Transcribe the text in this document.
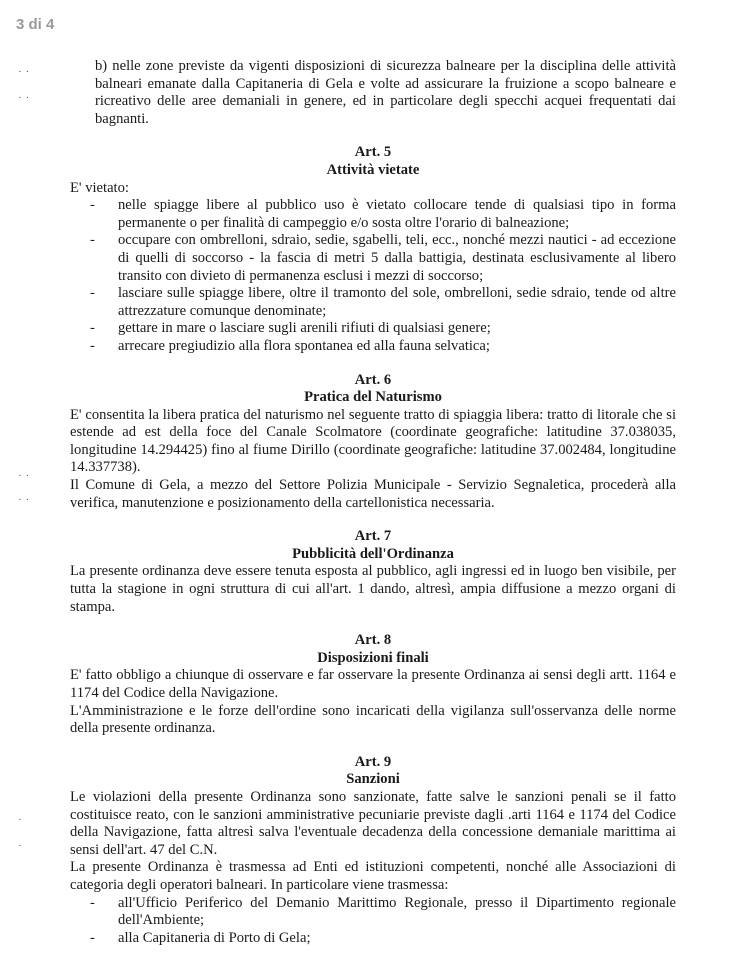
3 di 4
··
··
··
··
·
·

b) nelle zone previste da vigenti disposizioni di sicurezza balneare per la disciplina delle attività balneari emanate dalla Capitaneria di Gela e volte ad assicurare la fruizione a scopo balneare e ricreativo delle aree demaniali in genere, ed in particolare degli specchi acquei frequentati dai bagnanti.

Art. 5

Attività vietate

E' vietato:

- nelle spiagge libere al pubblico uso è vietato collocare tende di qualsiasi tipo in forma permanente o per finalità di campeggio e/o sosta oltre l'orario di balneazione;
- occupare con ombrelloni, sdraio, sedie, sgabelli, teli, ecc., nonché mezzi nautici - ad eccezione di quelli di soccorso - la fascia di metri 5 dalla battigia, destinata esclusivamente al libero transito con divieto di permanenza esclusi i mezzi di soccorso;
- lasciare sulle spiagge libere, oltre il tramonto del sole, ombrelloni, sedie sdraio, tende od altre attrezzature comunque denominate;
- gettare in mare o lasciare sugli arenili rifiuti di qualsiasi genere;
- arrecare pregiudizio alla flora spontanea ed alla fauna selvatica;

Art. 6

Pratica del Naturismo

E' consentita la libera pratica del naturismo nel seguente tratto di spiaggia libera: tratto di litorale che si estende ad est della foce del Canale Scolmatore (coordinate geografiche: latitudine 37.038035, longitudine 14.294425) fino al fiume Dirillo (coordinate geografiche: latitudine 37.002484, longitudine 14.337738).

Il Comune di Gela, a mezzo del Settore Polizia Municipale - Servizio Segnaletica, procederà alla verifica, manutenzione e posizionamento della cartellonistica necessaria.

Art. 7

Pubblicità dell'Ordinanza

La presente ordinanza deve essere tenuta esposta al pubblico, agli ingressi ed in luogo ben visibile, per tutta la stagione in ogni struttura di cui all'art. 1 dando, altresì, ampia diffusione a mezzo organi di stampa.

Art. 8

Disposizioni finali

E' fatto obbligo a chiunque di osservare e far osservare la presente Ordinanza ai sensi degli artt. 1164 e 1174 del Codice della Navigazione.

L'Amministrazione e le forze dell'ordine sono incaricati della vigilanza sull'osservanza delle norme della presente ordinanza.

Art. 9

Sanzioni

Le violazioni della presente Ordinanza sono sanzionate, fatte salve le sanzioni penali se il fatto costituisce reato, con le sanzioni amministrative pecuniarie previste dagli .arti 1164 e 1174 del Codice della Navigazione, fatta altresì salva l'eventuale decadenza della concessione demaniale marittima ai sensi dell'art. 47 del C.N.

La presente Ordinanza è trasmessa ad Enti ed istituzioni competenti, nonché alle Associazioni di categoria degli operatori balneari. In particolare viene trasmessa:

- all'Ufficio Periferico del Demanio Marittimo Regionale, presso il Dipartimento regionale dell'Ambiente;
- alla Capitaneria di Porto di Gela;
